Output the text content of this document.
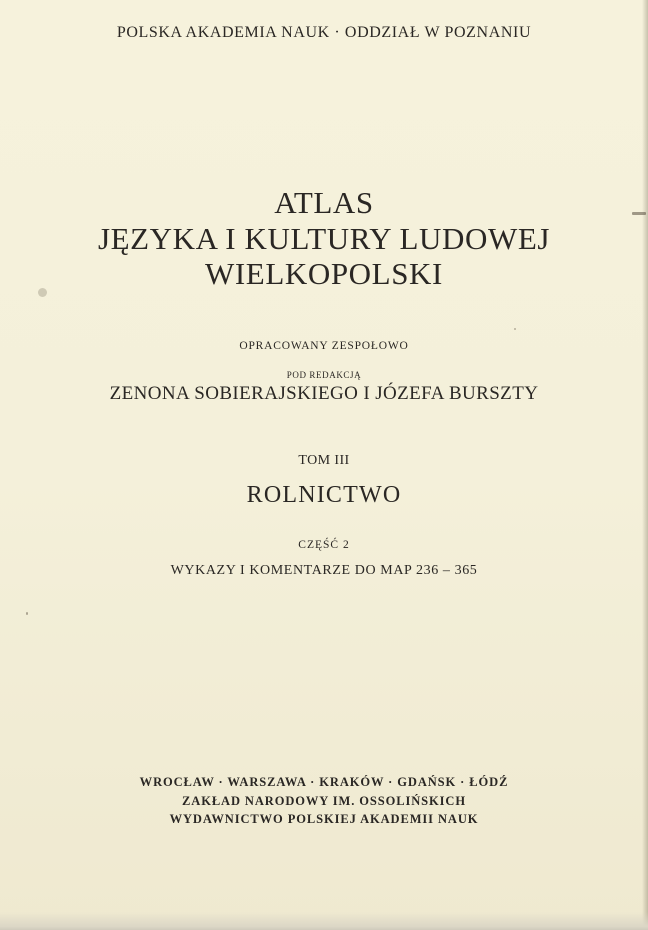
POLSKA AKADEMIA NAUK · ODDZIAŁ W POZNANIU
ATLAS
JĘZYKA I KULTURY LUDOWEJ
WIELKOPOLSKI
OPRACOWANY ZESPOŁOWO
POD REDAKCJĄ
ZENONA SOBIERAJSKIEGO I JÓZEFA BURSZTY
TOM III
ROLNICTWO
CZĘŚĆ 2
WYKAZY I KOMENTARZE DO MAP 236 – 365
WROCŁAW · WARSZAWA · KRAKÓW · GDAŃSK · ŁÓDŹ
ZAKŁAD NARODOWY IM. OSSOLIŃSKICH
WYDAWNICTWO POLSKIEJ AKADEMII NAUK
